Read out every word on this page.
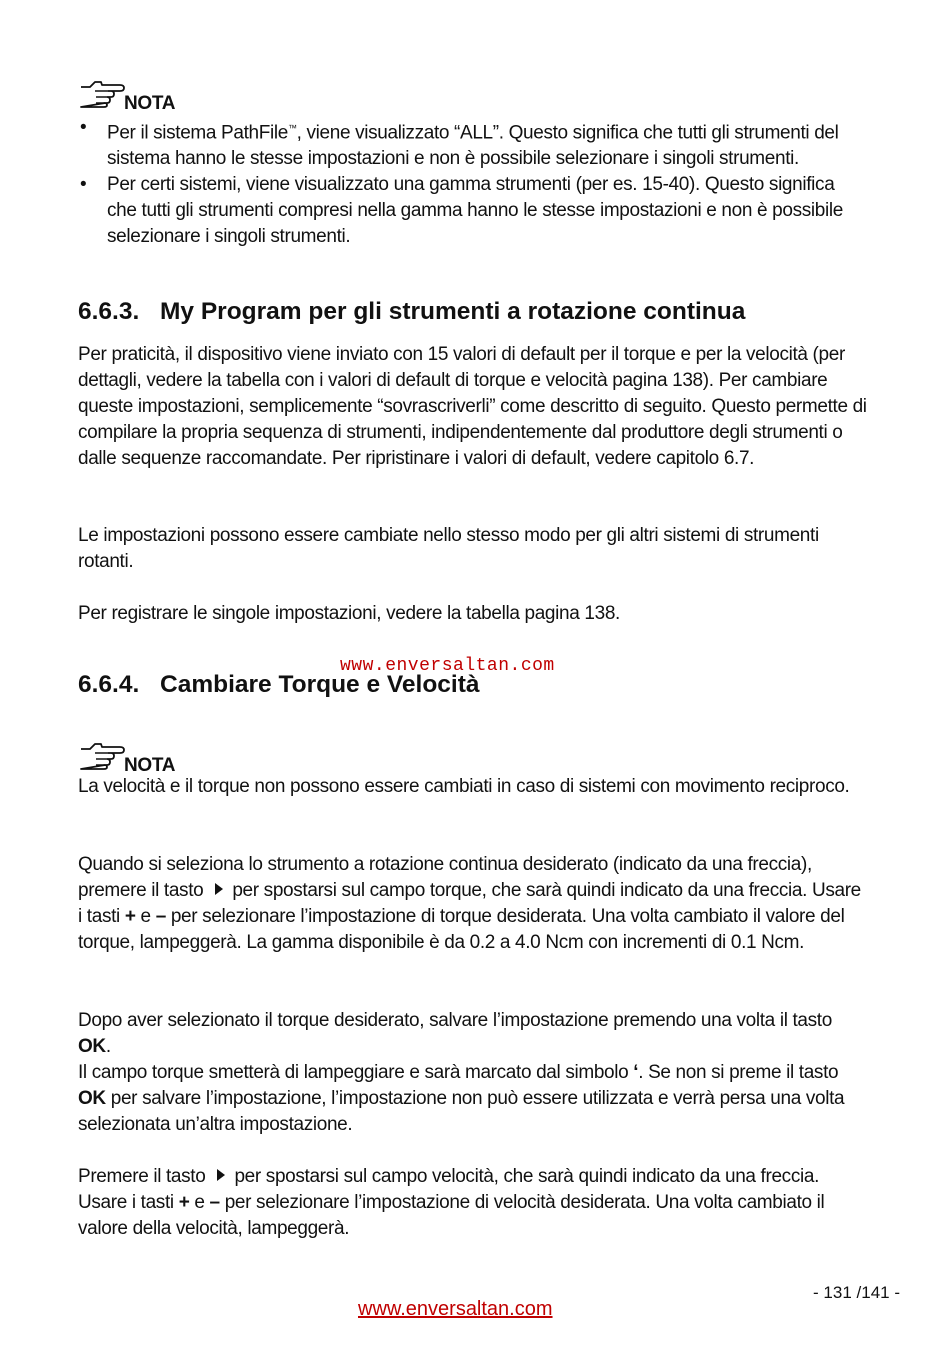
NOTA
• Per il sistema PathFile™, viene visualizzato “ALL”. Questo significa che tutti gli strumenti del sistema hanno le stesse impostazioni e non è possibile selezionare i singoli strumenti.
• Per certi sistemi, viene visualizzato una gamma strumenti (per es. 15-40). Questo significa che tutti gli strumenti compresi nella gamma hanno le stesse impostazioni e non è possibile selezionare i singoli strumenti.
6.6.3. My Program per gli strumenti a rotazione continua
Per praticità, il dispositivo viene inviato con 15 valori di default per il torque e per la velocità (per dettagli, vedere la tabella con i valori di default di torque e velocità pagina 138). Per cambiare queste impostazioni, semplicemente “sovrascriverli” come descritto di seguito. Questo permette di compilare la propria sequenza di strumenti, indipendentemente dal produttore degli strumenti o dalle sequenze raccomandate. Per ripristinare i valori di default, vedere capitolo 6.7.
Le impostazioni possono essere cambiate nello stesso modo per gli altri sistemi di strumenti rotanti.
Per registrare le singole impostazioni, vedere la tabella pagina 138.
6.6.4. Cambiare Torque e Velocità
www.enversaltan.com
NOTA
La velocità e il torque non possono essere cambiati in caso di sistemi con movimento reciproco.
Quando si seleziona lo strumento a rotazione continua desiderato (indicato da una freccia), premere il tasto per spostarsi sul campo torque, che sarà quindi indicato da una freccia. Usare i tasti + e – per selezionare l’impostazione di torque desiderata. Una volta cambiato il valore del torque, lampeggerà. La gamma disponibile è da 0.2 a 4.0 Ncm con incrementi di 0.1 Ncm.
Dopo aver selezionato il torque desiderato, salvare l’impostazione premendo una volta il tasto OK.
Il campo torque smetterà di lampeggiare e sarà marcato dal simbolo ‘. Se non si preme il tasto OK per salvare l’impostazione, l’impostazione non può essere utilizzata e verrà persa una volta selezionata un’altra impostazione.
Premere il tasto per spostarsi sul campo velocità, che sarà quindi indicato da una freccia. Usare i tasti + e – per selezionare l’impostazione di velocità desiderata. Una volta cambiato il valore della velocità, lampeggerà.
- 131 /141 -
www.enversaltan.com
